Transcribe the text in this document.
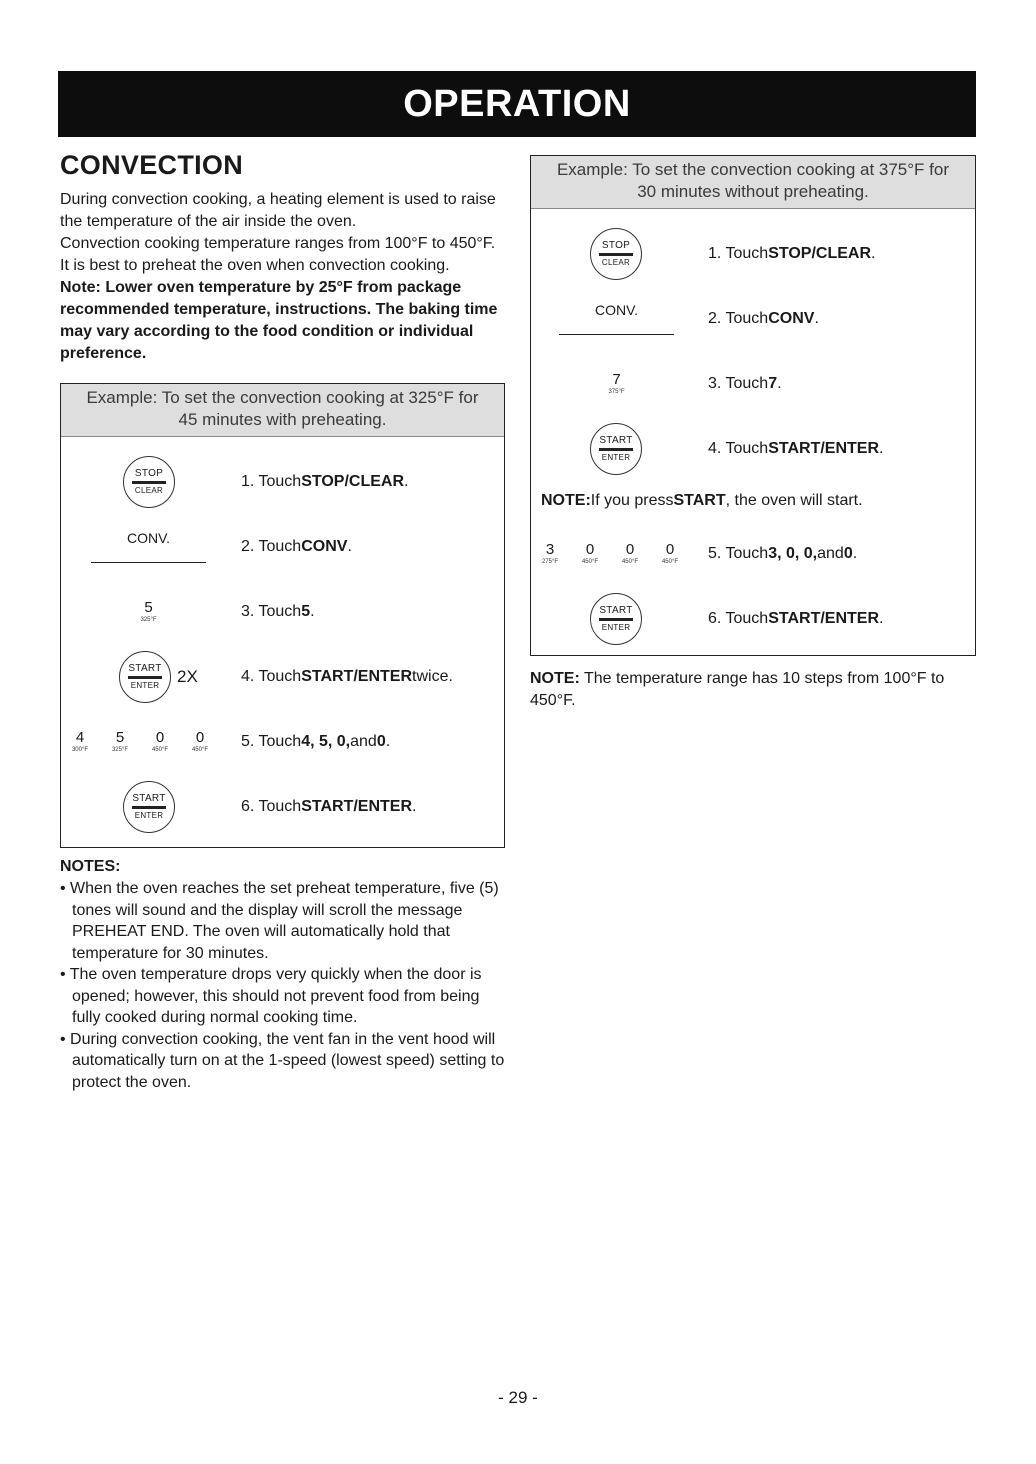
OPERATION
CONVECTION

During convection cooking, a heating element is used to raise the temperature of the air inside the oven.

Convection cooking temperature ranges from 100°F to 450°F.

It is best to preheat the oven when convection cooking.

Note: Lower oven temperature by 25°F from package recommended temperature, instructions. The baking time may vary according to the food condition or individual preference.

Example: To set the convection cooking at 325°F for
45 minutes with preheating.
STOP
CLEAR
1. Touch STOP/CLEAR .
CONV.	2. Touch CONV .
5
325°F	3. Touch 5 .
START
ENTER 2X	4. Touch START/ENTER twice.
4
300°F
5
325°F
0
450°F
0
450°F 5. Touch 4, 5, 0, and 0 .
START
ENTER
6. Touch START/ENTER .
NOTES:
• When the oven reaches the set preheat temperature, five (5) tones will sound and the display will scroll the message PREHEAT END. The oven will automatically hold that temperature for 30 minutes.
• The oven temperature drops very quickly when the door is opened; however, this should not prevent food from being fully cooked during normal cooking time.
• During convection cooking, the vent fan in the vent hood will automatically turn on at the 1-speed (lowest speed) setting to protect the oven.
Example: To set the convection cooking at 375°F for
30 minutes without preheating.
STOP
CLEAR
1. Touch STOP/CLEAR .
CONV.	2. Touch CONV .
7
375°F	3. Touch 7 .
START
ENTER
4. Touch START/ENTER .
NOTE: If you press START , the oven will start.
3
275°F
0
450°F
0
450°F
0
450°F 5. Touch 3, 0, 0, and 0 .
START
ENTER
6. Touch START/ENTER .
NOTE: The temperature range has 10 steps from 100°F to 450°F.
- 29 -
